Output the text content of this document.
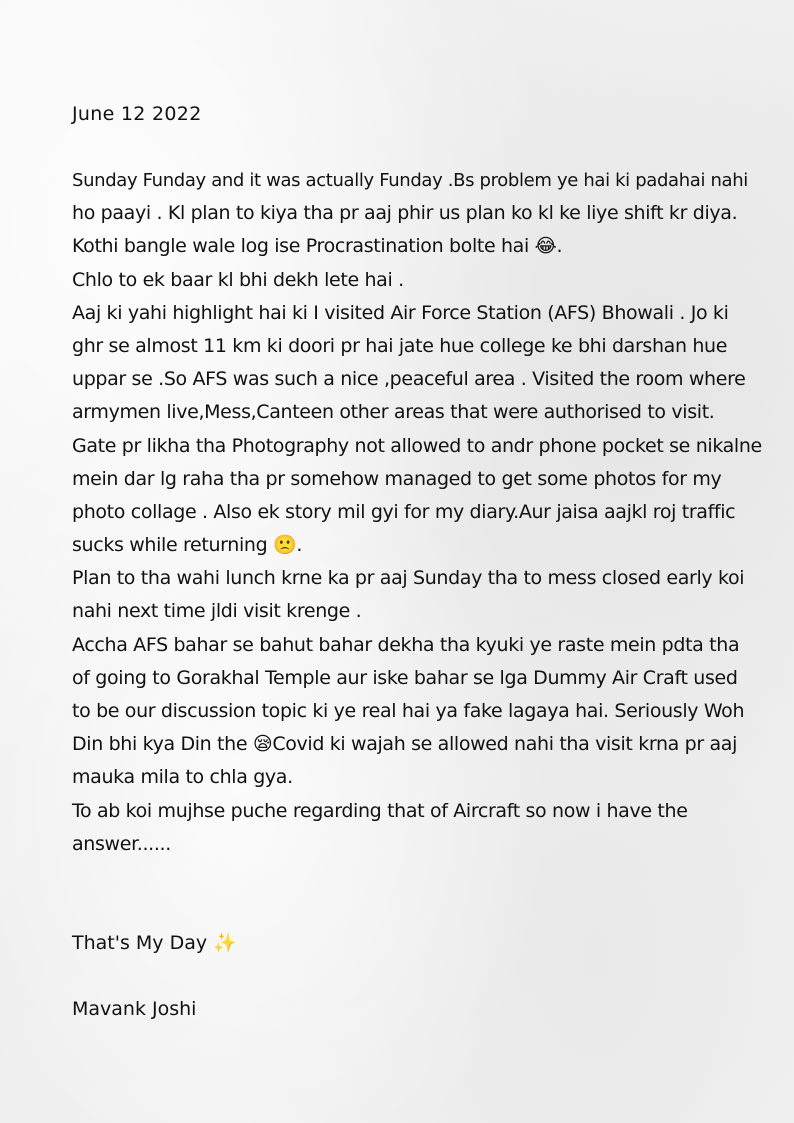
June 12 2022
Sunday Funday and it was actually Funday .Bs problem ye hai ki padahai nahi
ho paayi . Kl plan to kiya tha pr aaj phir us plan ko kl ke liye shift kr diya.
Kothi bangle wale log ise Procrastination bolte hai 😂.
Chlo to ek baar kl bhi dekh lete hai .
Aaj ki yahi highlight hai ki I visited Air Force Station (AFS) Bhowali . Jo ki
ghr se almost 11 km ki doori pr hai jate hue college ke bhi darshan hue
uppar se .So AFS was such a nice ,peaceful area . Visited the room where
armymen live,Mess,Canteen other areas that were authorised to visit.
Gate pr likha tha Photography not allowed to andr phone pocket se nikalne
mein dar lg raha tha pr somehow managed to get some photos for my
photo collage . Also ek story mil gyi for my diary.Aur jaisa aajkl roj traffic
sucks while returning 🙁.
Plan to tha wahi lunch krne ka pr aaj Sunday tha to mess closed early koi
nahi next time jldi visit krenge .
Accha AFS bahar se bahut bahar dekha tha kyuki ye raste mein pdta tha
of going to Gorakhal Temple aur iske bahar se lga Dummy Air Craft used
to be our discussion topic ki ye real hai ya fake lagaya hai. Seriously Woh
Din bhi kya Din the 😪Covid ki wajah se allowed nahi tha visit krna pr aaj
mauka mila to chla gya.
To ab koi mujhse puche regarding that of Aircraft so now i have the
answer......
That's My Day ✨
Mavank Joshi
